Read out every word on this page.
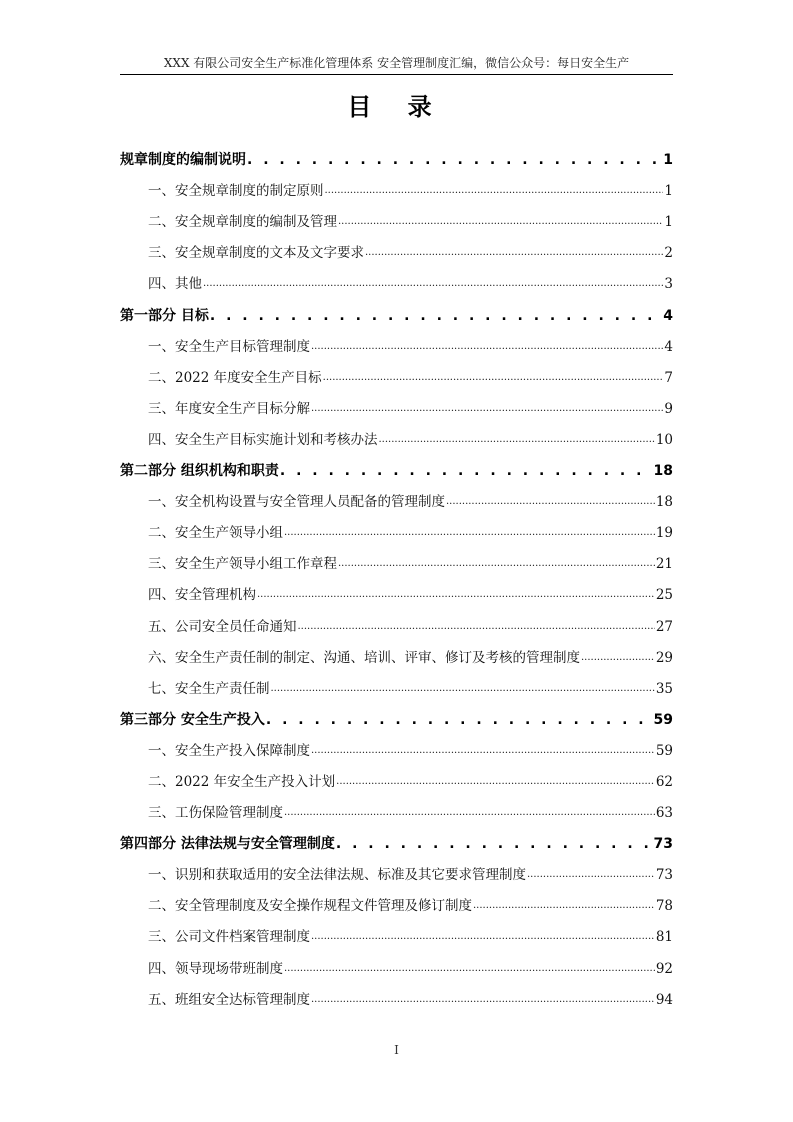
XXX 有限公司安全生产标准化管理体系 安全管理制度汇编，微信公众号：每日安全生产
目 录
规章制度的编制说明 . . .	1
一、安全规章制度的制定原则 .....	1
二、安全规章制度的编制及管理 .....	1
三、安全规章制度的文本及文字要求 .....	2
四、其他 .....	3
第一部分 目标 . . .	4
一、安全生产目标管理制度 .....	4
二、2022 年度安全生产目标 .....	7
三、年度安全生产目标分解 .....	9
四、安全生产目标实施计划和考核办法 .....	10
第二部分 组织机构和职责 . . .	18
一、安全机构设置与安全管理人员配备的管理制度 .....	18
二、安全生产领导小组 .....	19
三、安全生产领导小组工作章程 .....	21
四、安全管理机构 .....	25
五、公司安全员任命通知 .....	27
六、安全生产责任制的制定、沟通、培训、评审、修订及考核的管理制度 .....	29
七、安全生产责任制 .....	35
第三部分 安全生产投入 . . .	59
一、安全生产投入保障制度 .....	59
二、2022 年安全生产投入计划 .....	62
三、工伤保险管理制度 .....	63
第四部分 法律法规与安全管理制度 . . .	73
一、识别和获取适用的安全法律法规、标准及其它要求管理制度 .....	73
二、安全管理制度及安全操作规程文件管理及修订制度 .....	78
三、公司文件档案管理制度 .....	81
四、领导现场带班制度 .....	92
五、班组安全达标管理制度 .....	94
I
